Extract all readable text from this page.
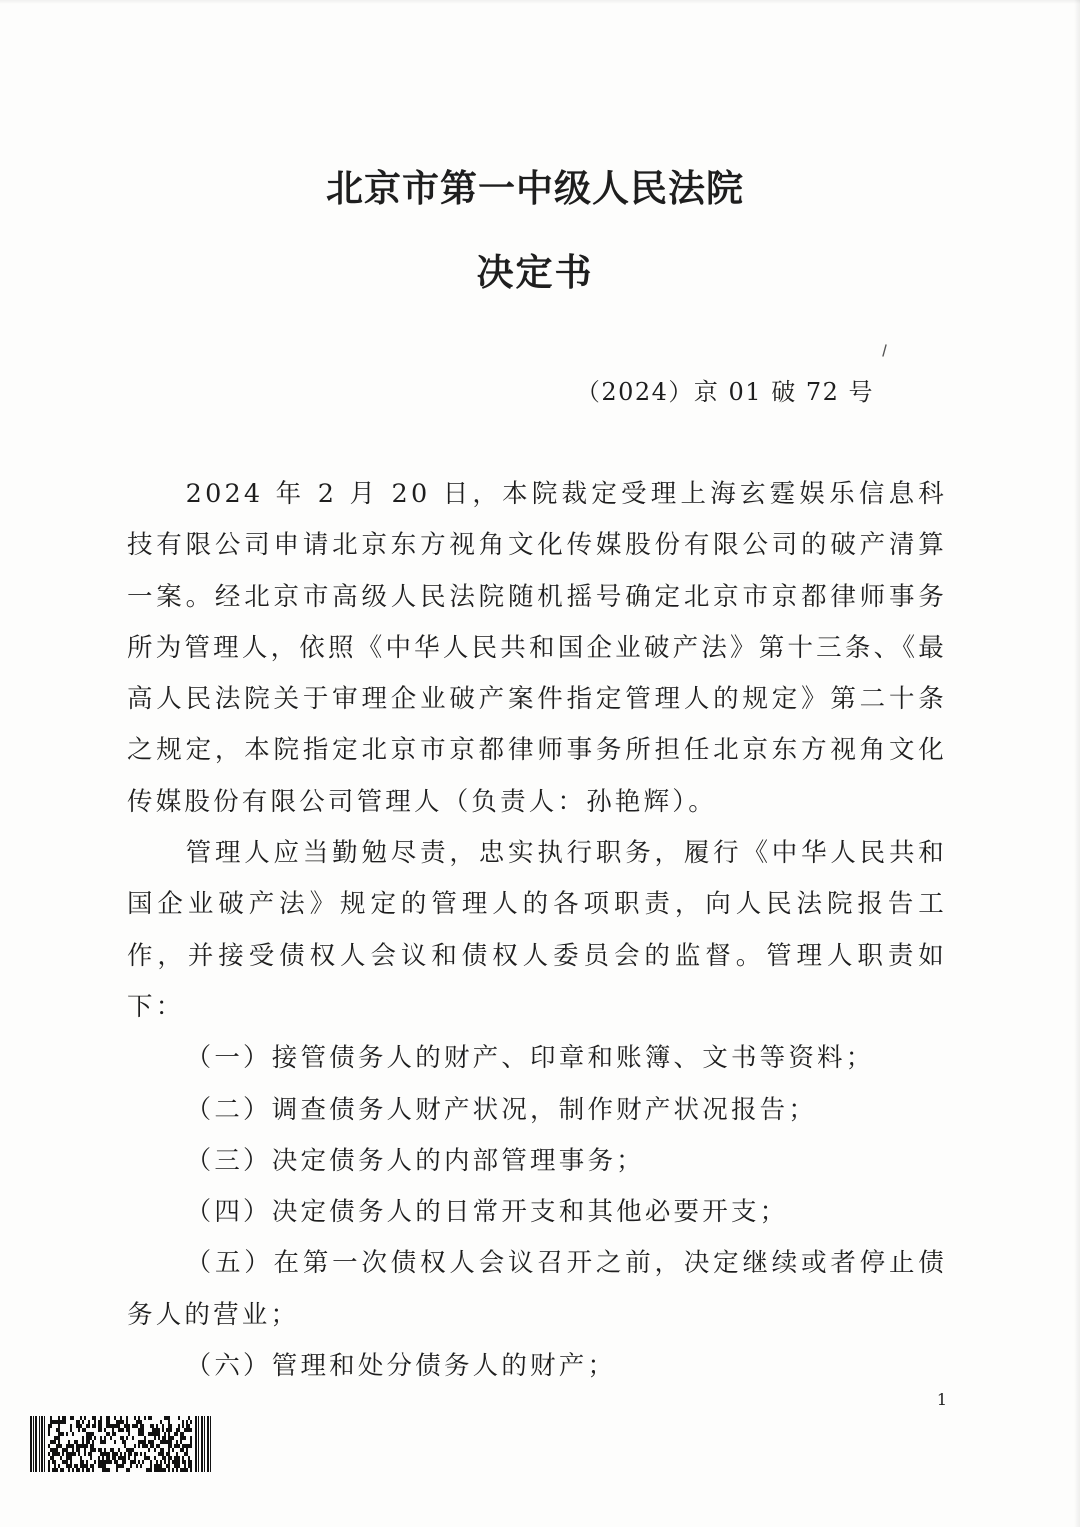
北京市第一中级人民法院
决定书
（2024）京 01 破 72 号

2024 年 2 月 20 日，本院裁定受理上海玄霆娱乐信息科技有限公司申请北京东方视角文化传媒股份有限公司的破产清算一案。经北京市高级人民法院随机摇号确定北京市京都律师事务所为管理人，依照《中华人民共和国企业破产法》第十三条、《最高人民法院关于审理企业破产案件指定管理人的规定》第二十条之规定，本院指定北京市京都律师事务所担任北京东方视角文化传媒股份有限公司管理人（负责人：孙艳辉）。

管理人应当勤勉尽责，忠实执行职务，履行《中华人民共和国企业破产法》规定的管理人的各项职责，向人民法院报告工作，并接受债权人会议和债权人委员会的监督。管理人职责如下：

（一）接管债务人的财产、印章和账簿、文书等资料；

（二）调查债务人财产状况，制作财产状况报告；

（三）决定债务人的内部管理事务；

（四）决定债务人的日常开支和其他必要开支；

（五）在第一次债权人会议召开之前，决定继续或者停止债务人的营业；

（六）管理和处分债务人的财产；

1
